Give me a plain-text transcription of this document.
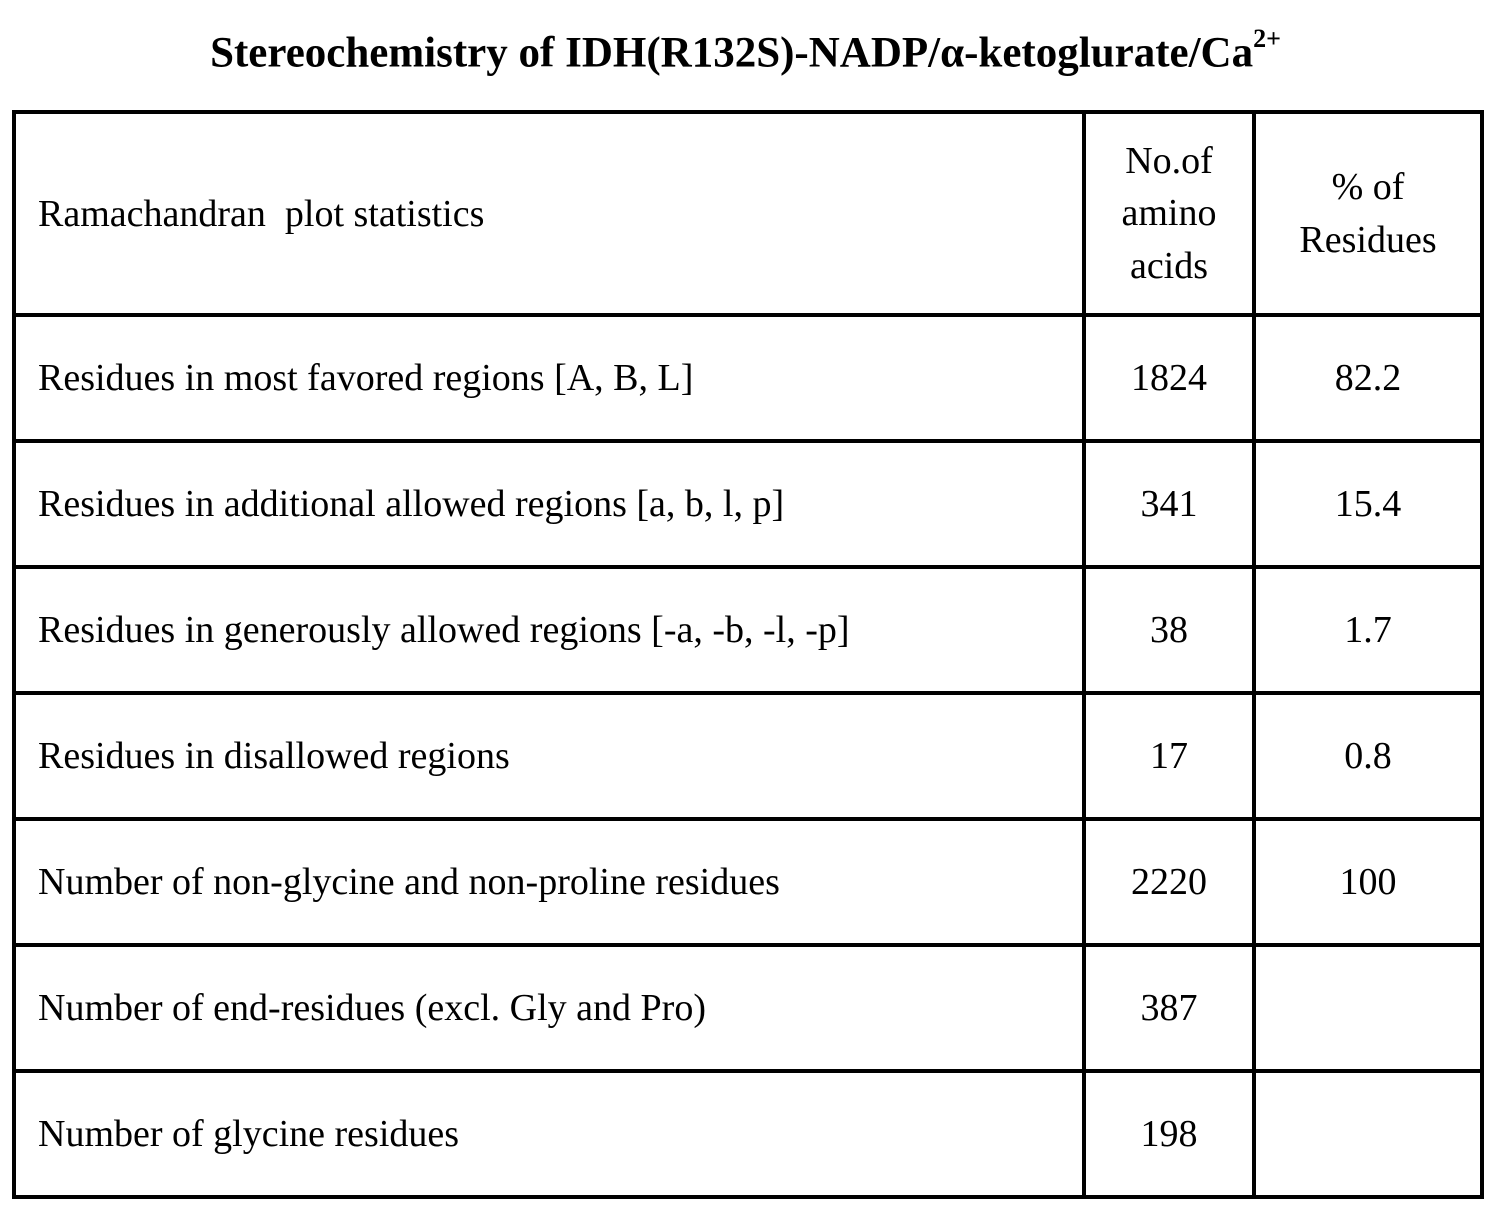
Stereochemistry of IDH(R132S)-NADP/α-ketoglurate/Ca2+
Ramachandran  plot statistics	No.of amino acids	% of Residues
Residues in most favored regions [A, B, L]	1824	82.2
Residues in additional allowed regions [a, b, l, p]	341	15.4
Residues in generously allowed regions [-a, -b, -l, -p]	38	1.7
Residues in disallowed regions	17	0.8
Number of non-glycine and non-proline residues	2220	100
Number of end-residues (excl. Gly and Pro)	387	
Number of glycine residues	198	
